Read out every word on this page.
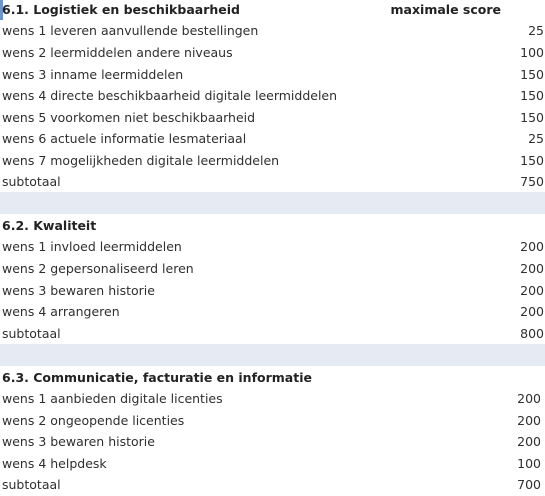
6.1. Logistiek en beschikbaarheid	maximale score
wens 1 leveren aanvullende bestellingen	25
wens 2 leermiddelen andere niveaus	100
wens 3 inname leermiddelen	150
wens 4 directe beschikbaarheid digitale leermiddelen	150
wens 5 voorkomen niet beschikbaarheid	150
wens 6 actuele informatie lesmateriaal	25
wens 7 mogelijkheden digitale leermiddelen	150
subtotaal	750
6.2. Kwaliteit
wens 1 invloed leermiddelen	200
wens 2 gepersonaliseerd leren	200
wens 3 bewaren historie	200
wens 4 arrangeren	200
subtotaal	800
6.3. Communicatie, facturatie en informatie
wens 1 aanbieden digitale licenties	200
wens 2 ongeopende licenties	200
wens 3 bewaren historie	200
wens 4 helpdesk	100
subtotaal	700
